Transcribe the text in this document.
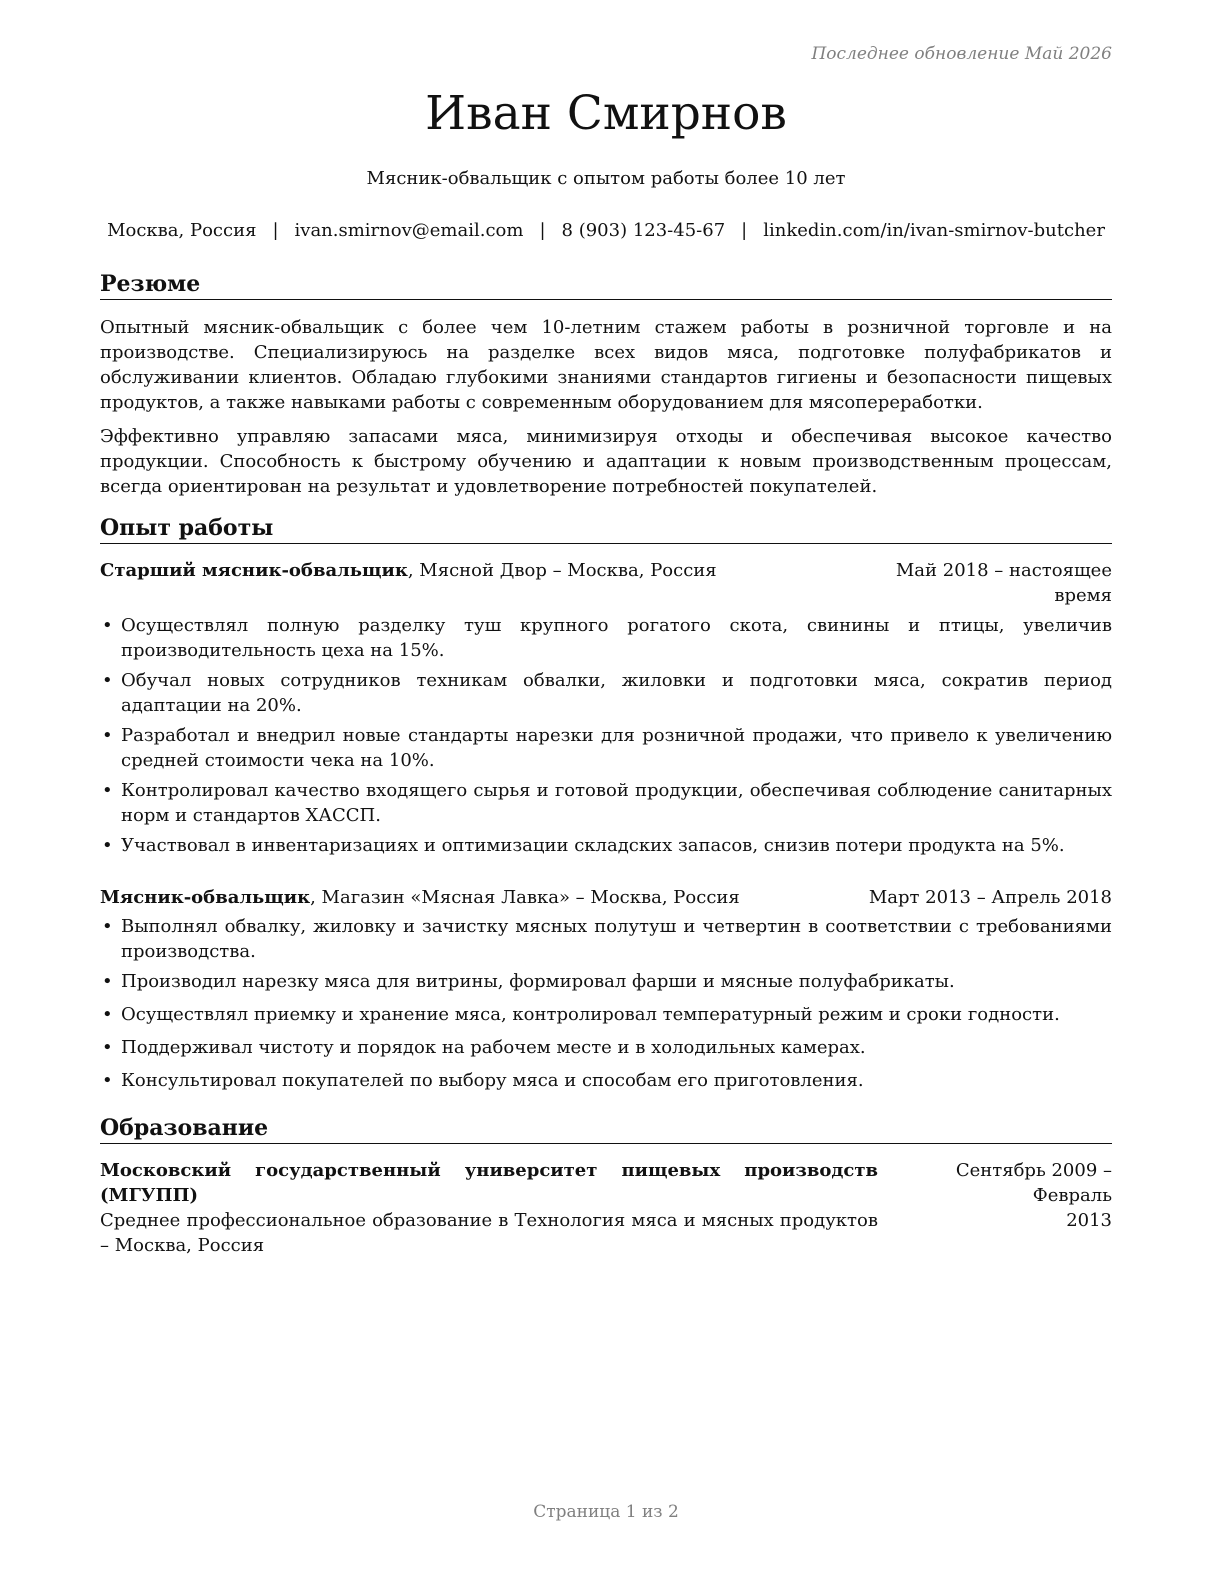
Последнее обновление Май 2026
Иван Смирнов
Мясник-обвальщик с опытом работы более 10 лет
Москва, Россия | ivan.smirnov@email.com | 8 (903) 123-45-67 | linkedin.com/in/ivan-smirnov-butcher
Резюме

Опытный мясник-обвальщик с более чем 10-летним стажем работы в розничной торговле и на производстве. Специализируюсь на разделке всех видов мяса, подготовке полуфабрикатов и обслуживании клиентов. Обладаю глубокими знаниями стандартов гигиены и безопасности пищевых продуктов, а также навыками работы с современным оборудованием для мясопереработки.

Эффективно управляю запасами мяса, минимизируя отходы и обеспечивая высокое качество продукции. Способность к быстрому обучению и адаптации к новым производственным процессам, всегда ориентирован на результат и удовлетворение потребностей покупателей.

Опыт работы
Старший мясник-обвальщик, Мясной Двор – Москва, Россия	Май 2018 – настоящее время
• Осуществлял полную разделку туш крупного рогатого скота, свинины и птицы, увеличив производительность цеха на 15%.
• Обучал новых сотрудников техникам обвалки, жиловки и подготовки мяса, сократив период адаптации на 20%.
• Разработал и внедрил новые стандарты нарезки для розничной продажи, что привело к увеличению средней стоимости чека на 10%.
• Контролировал качество входящего сырья и готовой продукции, обеспечивая соблюдение санитарных норм и стандартов ХАССП.
• Участвовал в инвентаризациях и оптимизации складских запасов, снизив потери продукта на 5%.
Мясник-обвальщик, Магазин «Мясная Лавка» – Москва, Россия	Март 2013 – Апрель 2018
• Выполнял обвалку, жиловку и зачистку мясных полутуш и четвертин в соответствии с требованиями производства.
• Производил нарезку мяса для витрины, формировал фарши и мясные полуфабрикаты.
• Осуществлял приемку и хранение мяса, контролировал температурный режим и сроки годности.
• Поддерживал чистоту и порядок на рабочем месте и в холодильных камерах.
• Консультировал покупателей по выбору мяса и способам его приготовления.
Образование
Московский государственный университет пищевых производств (МГУПП)
Среднее профессиональное образование в Технология мяса и мясных продуктов – Москва, Россия
Сентябрь 2009 – Февраль
2013
Страница 1 из 2
